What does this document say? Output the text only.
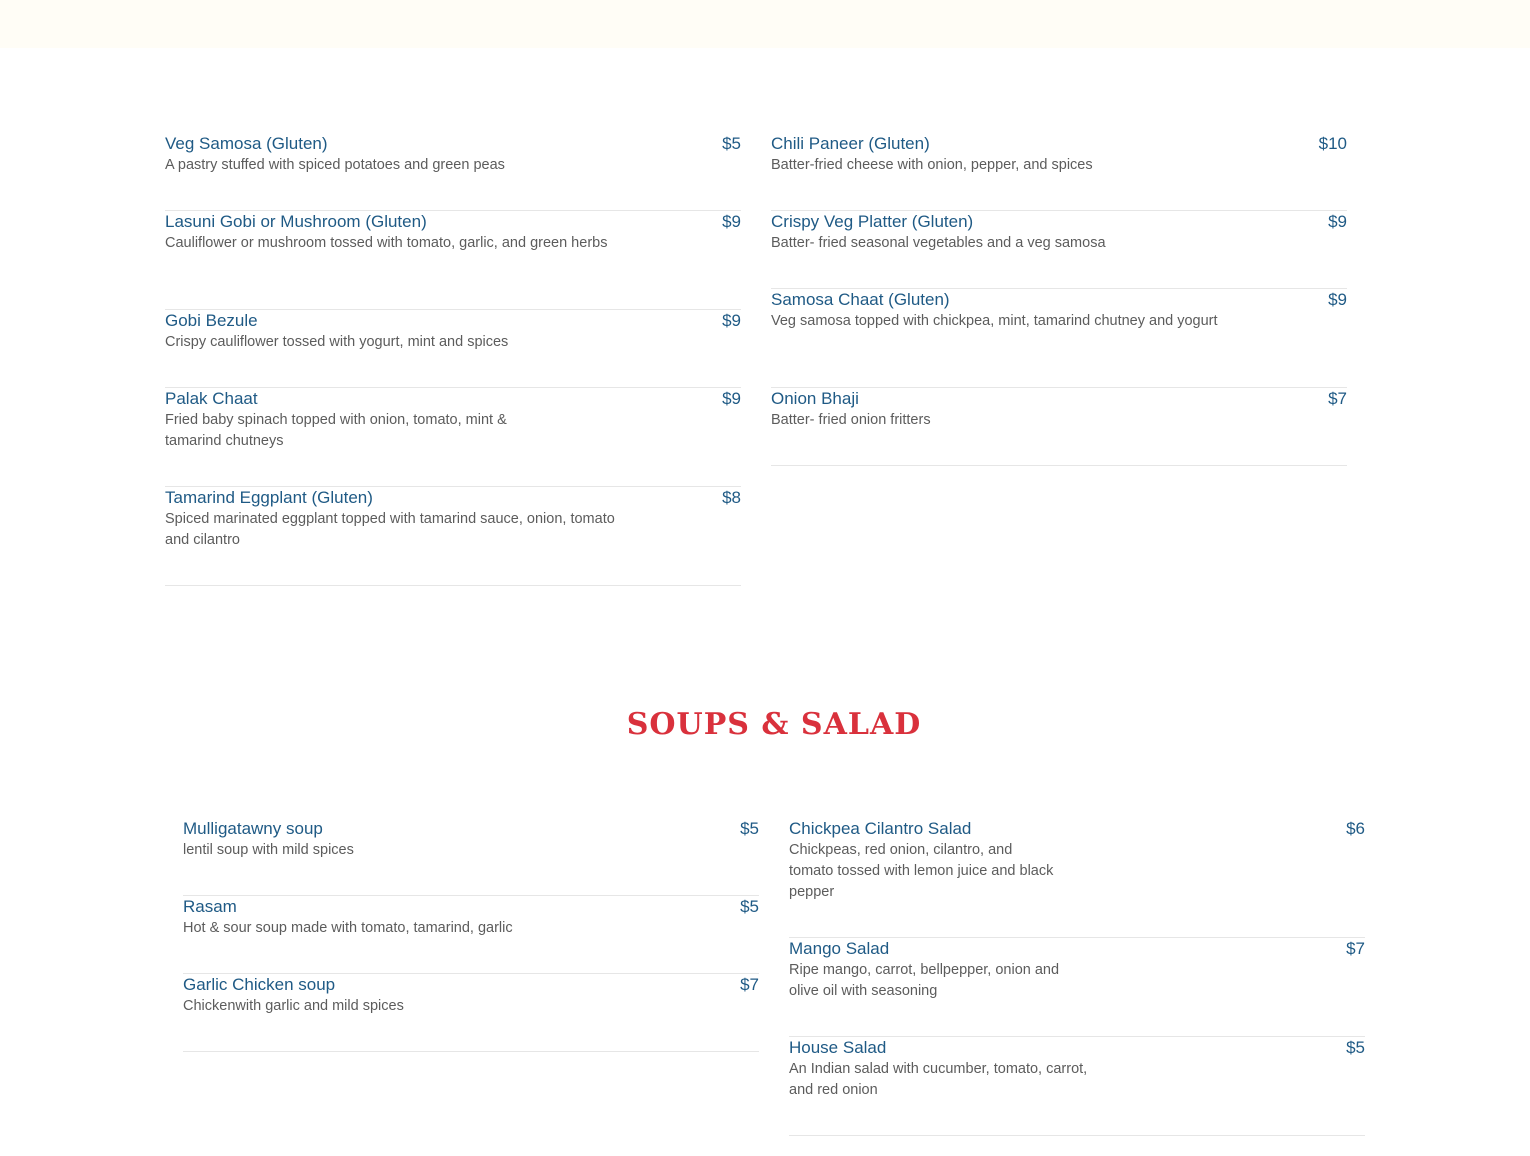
Veg Samosa (Gluten)	$5
A pastry stuffed with spiced potatoes and green peas
Lasuni Gobi or Mushroom (Gluten)	$9
Cauliflower or mushroom tossed with tomato, garlic, and green herbs
Gobi Bezule	$9
Crispy cauliflower tossed with yogurt, mint and spices
Palak Chaat	$9
Fried baby spinach topped with onion, tomato, mint & tamarind chutneys
Tamarind Eggplant (Gluten)	$8
Spiced marinated eggplant topped with tamarind sauce, onion, tomato and cilantro
Chili Paneer (Gluten)	$10
Batter-fried cheese with onion, pepper, and spices
Crispy Veg Platter (Gluten)	$9
Batter- fried seasonal vegetables and a veg samosa
Samosa Chaat (Gluten)	$9
Veg samosa topped with chickpea, mint, tamarind chutney and yogurt
Onion Bhaji	$7
Batter- fried onion fritters
SOUPS & SALAD
Mulligatawny soup	$5
lentil soup with mild spices
Rasam	$5
Hot & sour soup made with tomato, tamarind, garlic
Garlic Chicken soup	$7
Chickenwith garlic and mild spices
Chickpea Cilantro Salad	$6
Chickpeas, red onion, cilantro, and tomato tossed with lemon juice and black pepper
Mango Salad	$7
Ripe mango, carrot, bellpepper, onion and olive oil with seasoning
House Salad	$5
An Indian salad with cucumber, tomato, carrot, and red onion
